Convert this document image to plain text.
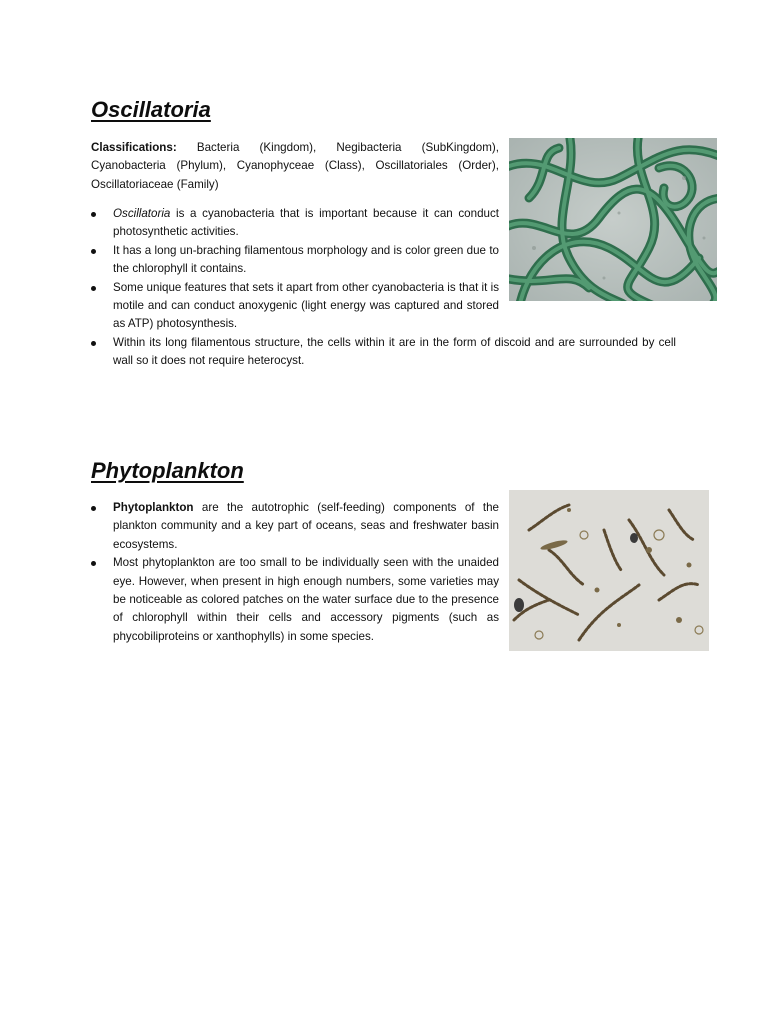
Oscillatoria

Classifications: Bacteria (Kingdom), Negibacteria (SubKingdom), Cyanobacteria (Phylum), Cyanophyceae (Class), Oscillatoriales (Order), Oscillatoriaceae (Family)

Oscillatoria is a cyanobacteria that is important because it can conduct photosynthetic activities.
It has a long un-braching filamentous morphology and is color green due to the chlorophyll it contains.
Some unique features that sets it apart from other cyanobacteria is that it is motile and can conduct anoxygenic (light energy was captured and stored as ATP) photosynthesis.
Within its long filamentous structure, the cells within it are in the form of discoid and are surrounded by cell wall so it does not require heterocyst.
Phytoplankton
Phytoplankton are the autotrophic (self-feeding) components of the plankton community and a key part of oceans, seas and freshwater basin ecosystems.
Most phytoplankton are too small to be individually seen with the unaided eye. However, when present in high enough numbers, some varieties may be noticeable as colored patches on the water surface due to the presence of chlorophyll within their cells and accessory pigments (such as phycobiliproteins or xanthophylls) in some species.
